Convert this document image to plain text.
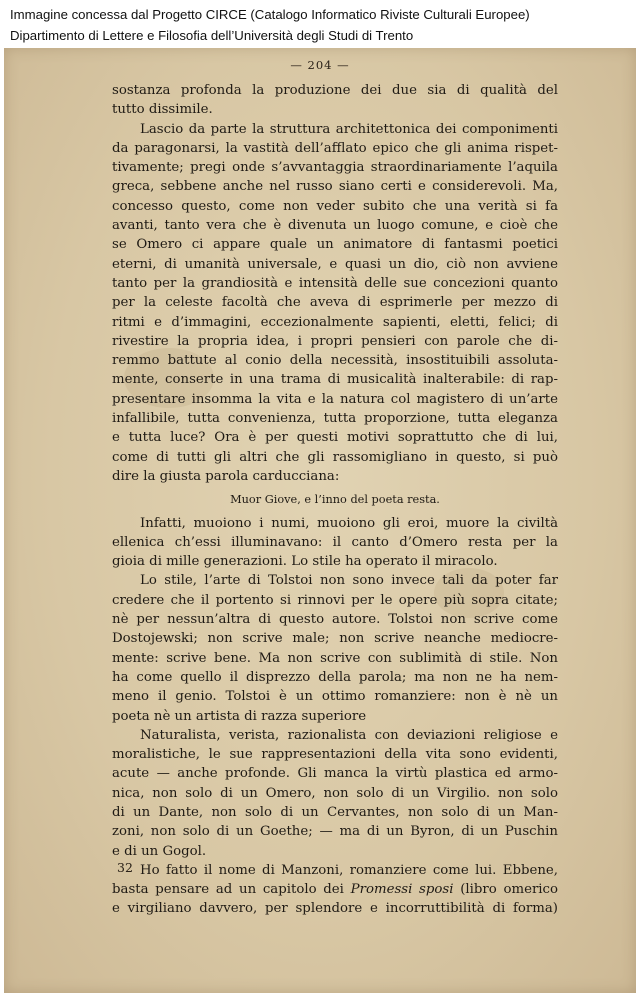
Immagine concessa dal Progetto CIRCE (Catalogo Informatico Riviste Culturali Europee)
Dipartimento di Lettere e Filosofia dell’Università degli Studi di Trento
— 204 —
sostanza profonda la produzione dei due sia di qualità del
tutto dissimile.
Lascio da parte la struttura architettonica dei componimenti
da paragonarsi, la vastità dell’afflato epico che gli anima rispet-
tivamente; pregi onde s’avvantaggia straordinariamente l’aquila
greca, sebbene anche nel russo siano certi e considerevoli. Ma,
concesso questo, come non veder subito che una verità si fa
avanti, tanto vera che è divenuta un luogo comune, e cioè che
se Omero ci appare quale un animatore di fantasmi poetici
eterni, di umanità universale, e quasi un dio, ciò non avviene
tanto per la grandiosità e intensità delle sue concezioni quanto
per la celeste facoltà che aveva di esprimerle per mezzo di
ritmi e d’immagini, eccezionalmente sapienti, eletti, felici; di
rivestire la propria idea, i propri pensieri con parole che di-
remmo battute al conio della necessità, insostituibili assoluta-
mente, conserte in una trama di musicalità inalterabile: di rap-
presentare insomma la vita e la natura col magistero di un’arte
infallibile, tutta convenienza, tutta proporzione, tutta eleganza
e tutta luce? Ora è per questi motivi soprattutto che di lui,
come di tutti gli altri che gli rassomigliano in questo, si può
dire la giusta parola carducciana:

Muor Giove, e l’inno del poeta resta.

Infatti, muoiono i numi, muoiono gli eroi, muore la civiltà
ellenica ch’essi illuminavano: il canto d’Omero resta per la
gioia di mille generazioni. Lo stile ha operato il miracolo.
Lo stile, l’arte di Tolstoi non sono invece tali da poter far
credere che il portento si rinnovi per le opere più sopra citate;
nè per nessun’altra di questo autore. Tolstoi non scrive come
Dostojewski; non scrive male; non scrive neanche mediocre-
mente: scrive bene. Ma non scrive con sublimità di stile. Non
ha come quello il disprezzo della parola; ma non ne ha nem-
meno il genio. Tolstoi è un ottimo romanziere: non è nè un
poeta nè un artista di razza superiore
Naturalista, verista, razionalista con deviazioni religiose e
moralistiche, le sue rappresentazioni della vita sono evidenti,
acute — anche profonde. Gli manca la virtù plastica ed armo-
nica, non solo di un Omero, non solo di un Virgilio. non solo
di un Dante, non solo di un Cervantes, non solo di un Man-
zoni, non solo di un Goethe; — ma di un Byron, di un Puschin
e di un Gogol.
Ho fatto il nome di Manzoni, romanziere come lui. Ebbene,
basta pensare ad un capitolo dei Promessi sposi (libro omerico
e virgiliano davvero, per splendore e incorruttibilità di forma)
32
